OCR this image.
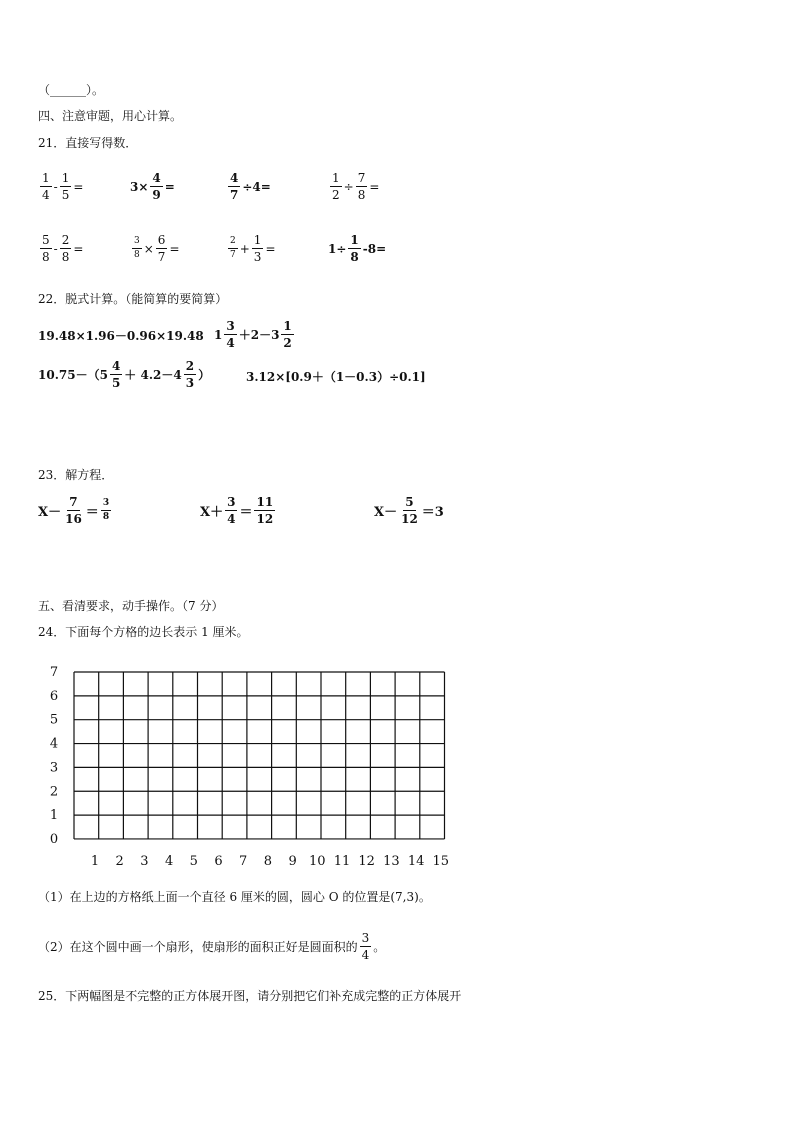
（______）。
四、注意审题，用心计算。
21．直接写得数．
$\frac{1}{4} - \frac{1}{5}$ =	$3\times \frac{4}{9}$ =	$\frac{4}{7} \div 4=$	$\frac{1}{2} \div \frac{7}{8}$ =
$\frac{5}{8} - \frac{2}{8}$ =	$\frac{3}{8} \times \frac{6}{7}$ =	$\frac{2}{7} + \frac{1}{3}$ =	$1\div \frac{1}{8} -8=$
22．脱式计算。（能简算的要简算）
19.48×1.96－0.96×19.48 $1 \frac{3}{4} +2-3 \frac{1}{2}$
$10.75-(5 \frac{4}{5} + 4.2-4 \frac{2}{3}$ ）	3.12×[0.9＋（1－0.3）÷0.1]
23．解方程．
$X- \frac{7}{16} = \frac{3}{8}$	$X+ \frac{3}{4} = \frac{11}{12}$	$X- \frac{5}{12} =3$
五、看清要求，动手操作。（7 分）
24．下面每个方格的边长表示 1 厘米。
0
1
2
3
4
5
6
7
1 2 3 4 5 6 7 8 9 10 11 12 13 14 15
（1）在上边的方格纸上面一个直径 6 厘米的圆，圆心 O 的位置是(7,3)。
（2）在这个圆中画一个扇形，使扇形的面积正好是圆面积的 $\frac{3}{4}$ 。
25．下两幅图是不完整的正方体展开图，请分别把它们补充成完整的正方体展开
